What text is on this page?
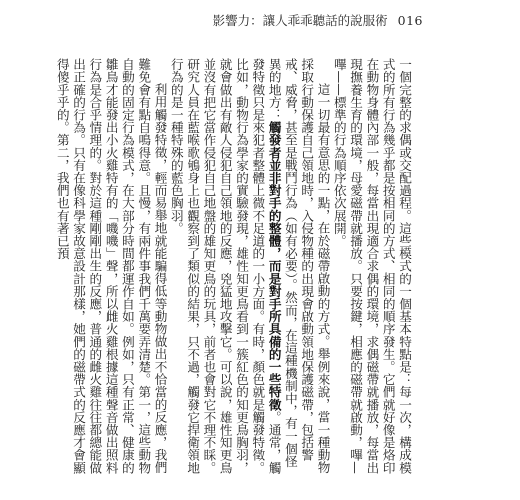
影響力：讓人乖乖聽話的說服術 016

一個完整的求偶或交配過程。這些模式的一個基本特點是：每一次，構成模式的所有行為幾乎都是按相同的方式、相同的順序發生。它們就好像是烙印在動物身體內部一般，每當出現適合求偶的環境，求偶磁帶就播放，每當出現撫養生育的環境，母愛磁帶就播放。只要按鍵，相應的磁帶就啟動，嗶—嗶——標準的行為順序依次展開。

這一切最有意思的一點，在於磁帶啟動的方式。舉例來說，當一種動物採取行動保護自己領地時，入侵物種的出現會啟動領地保護磁帶，包括警戒、威脅，甚至是戰鬥行為（如有必要）。然而，在這種機制中，有一個怪異的地方：觸發者並非對手的整體，而是對手所具備的一些特徵。通常，觸發特徵只是來犯者整體上微不足道的一小方面。有時，顏色就是觸發特徵。比如，動物行為學家的實驗發現，雄性知更鳥看到一簇紅色的知更鳥胸羽，就會做出有敵人侵犯自己領地的反應，兇猛地攻擊它。可以說，雄性知更鳥並沒有把它當作侵犯自己地盤的雄知更鳥的玩具，前者也會對它不理不睬。研究人員在藍喉歌鴝身上也觀察到了類似的結果，只不過，觸發它捍衛領地行為的是一種特殊的藍色胸羽。

利用觸發特徵，輕而易舉地就能騙得低等動物做出不恰當的反應，我們難免會有點自鳴得意。且慢，有兩件事我們千萬要弄清楚。第一，這些動物自動的固定行為模式，在大部分時間都運作自如。例如，只有正常、健康的雛鳥才能發出小火雞特有的「嘰嘰」聲，所以雌火雞根據這種聲音做出照料行為是合乎情理的。對於這種剛剛出生的反應，普通的雌火雞往往都總能做出正確的行為。只有在像科學家故意設計那樣，她們的磁帶式的反應才會顯得傻乎乎的。第二，我們也有著已預
